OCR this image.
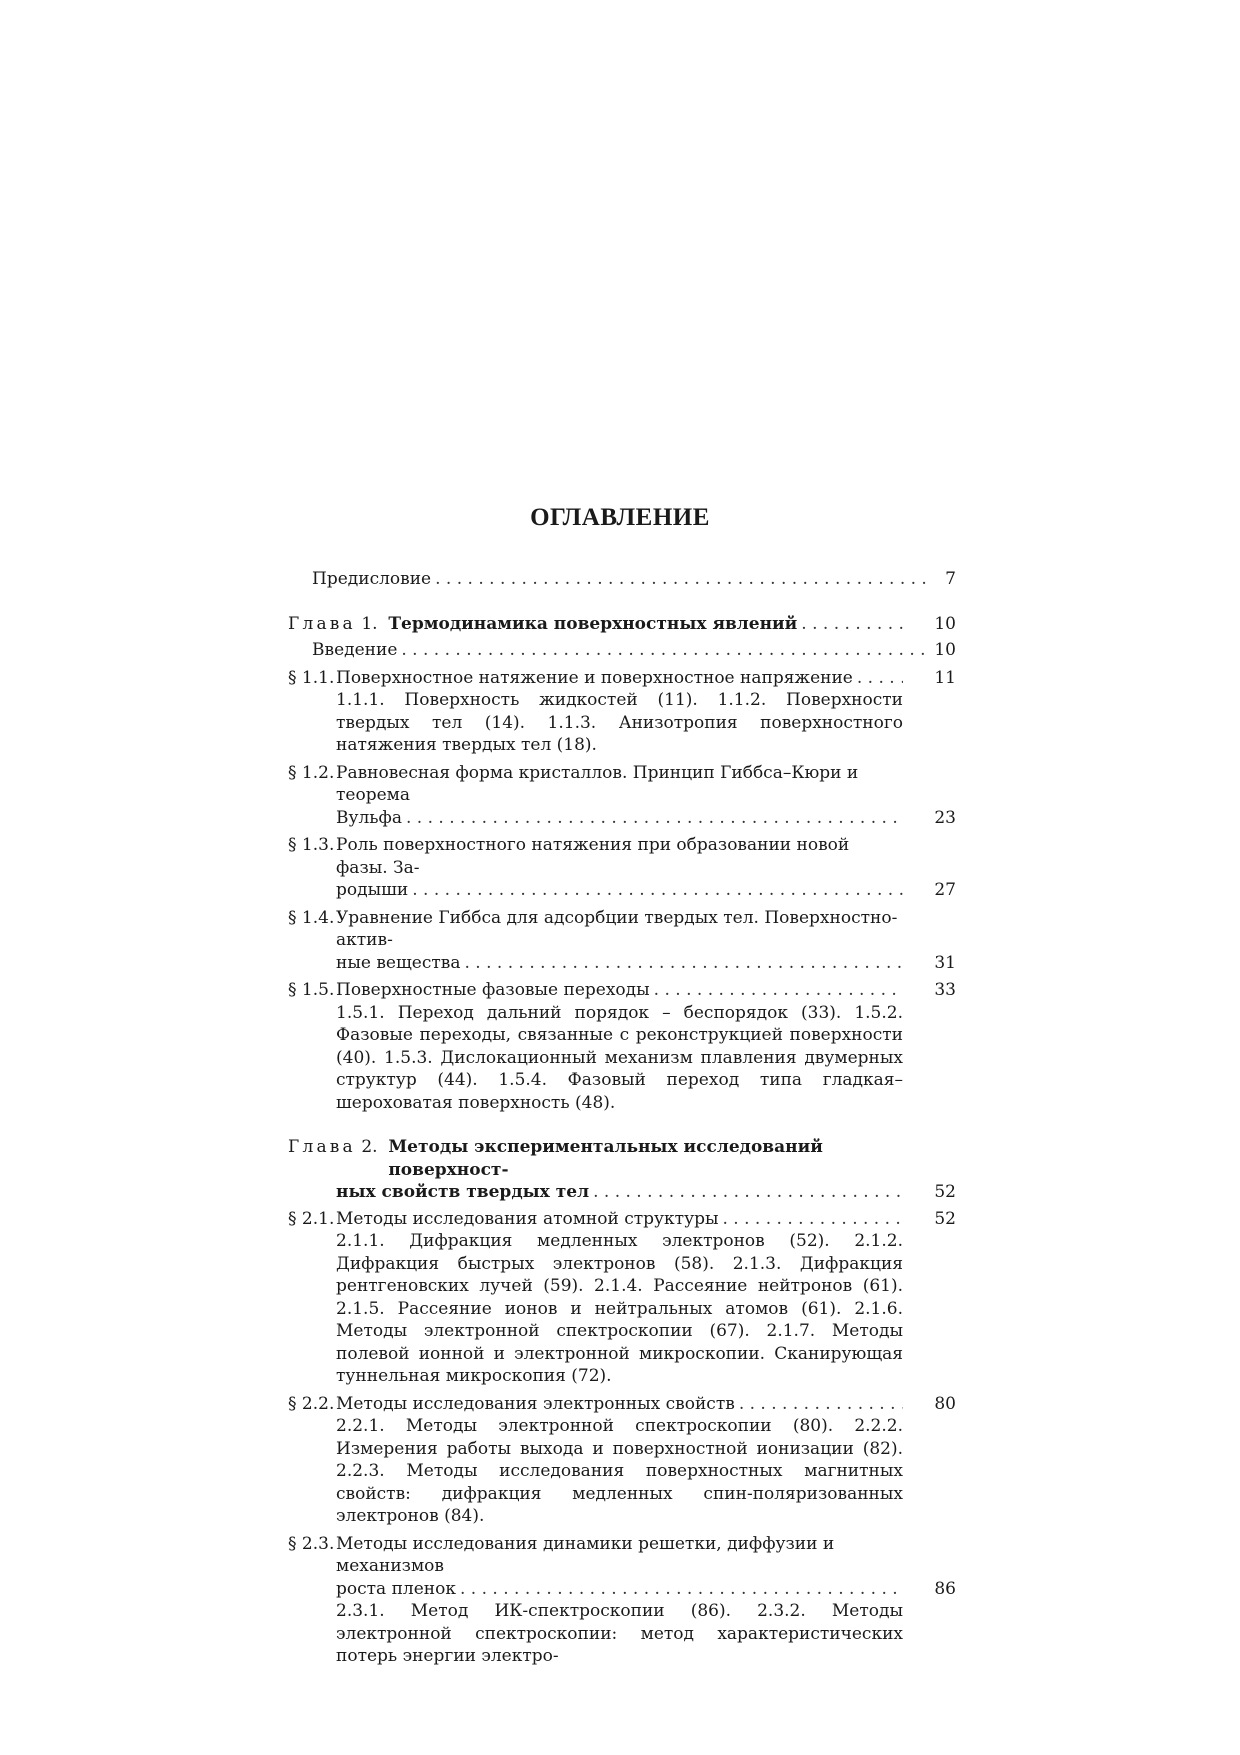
ОГЛАВЛЕНИЕ
Предисловие . . .	7
Глава 1. Термодинамика поверхностных явлений . . .	10
Введение . . .	10
§ 1.1. Поверхностное натяжение и поверхностное напряжение . . .	11
1.1.1. Поверхность жидкостей (11). 1.1.2. Поверхности твердых тел (14). 1.1.3. Анизотропия поверхностного натяжения твердых тел (18).
§ 1.2. Равновесная форма кристаллов. Принцип Гиббса–Кюри и теорема
Вульфа . . .	23
§ 1.3. Роль поверхностного натяжения при образовании новой фазы. За-
родыши . . .	27
§ 1.4. Уравнение Гиббса для адсорбции твердых тел. Поверхностно-актив-
ные вещества . . .	31
§ 1.5. Поверхностные фазовые переходы . . .	33
1.5.1. Переход дальний порядок – беспорядок (33). 1.5.2. Фазовые переходы, связанные с реконструкцией поверхности (40). 1.5.3. Дислокационный механизм плавления двумерных структур (44). 1.5.4. Фазовый переход типа гладкая–шероховатая поверхность (48).
Глава
2.
Методы экспериментальных исследований поверхност-
ных свойств твердых тел . . .	52
§ 2.1. Методы исследования атомной структуры . . .	52
2.1.1. Дифракция медленных электронов (52). 2.1.2. Дифракция быстрых электронов (58). 2.1.3. Дифракция рентгеновских лучей (59). 2.1.4. Рассеяние нейтронов (61). 2.1.5. Рассеяние ионов и нейтральных атомов (61). 2.1.6. Методы электронной спектроскопии (67). 2.1.7. Методы полевой ионной и электронной микроскопии. Сканирующая туннельная микроскопия (72).
§ 2.2. Методы исследования электронных свойств . . .	80
2.2.1. Методы электронной спектроскопии (80). 2.2.2. Измерения работы выхода и поверхностной ионизации (82). 2.2.3. Методы исследования поверхностных магнитных свойств: дифракция медленных спин-поляризованных электронов (84).
§ 2.3. Методы исследования динамики решетки, диффузии и механизмов
роста пленок . . .	86
2.3.1. Метод ИК-спектроскопии (86). 2.3.2. Методы электронной спектроскопии: метод характеристических потерь энергии электро-
